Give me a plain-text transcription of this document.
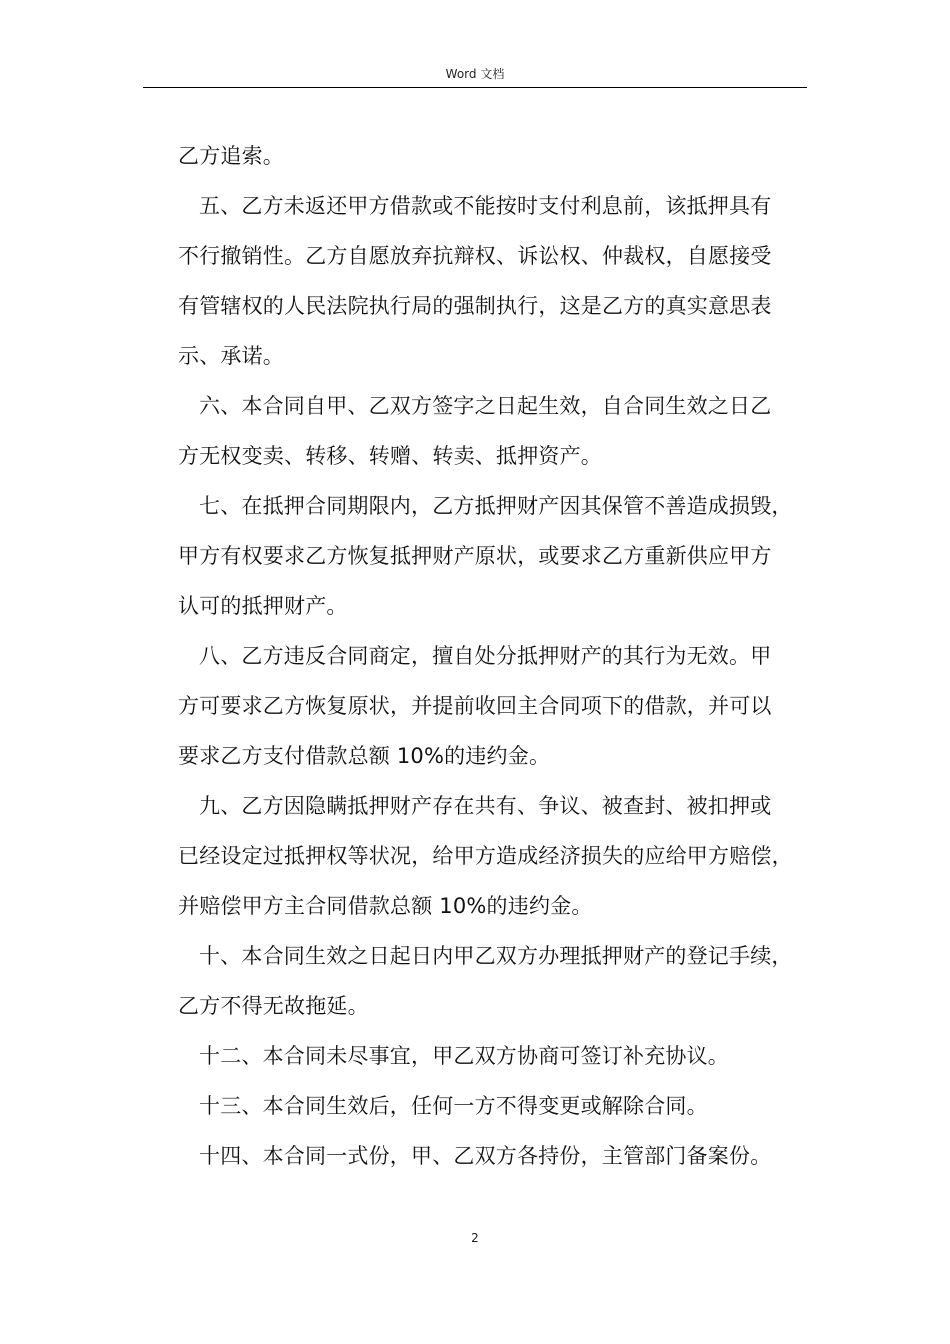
Word 文档
乙方追索。
五、乙方未返还甲方借款或不能按时支付利息前，该抵押具有
不行撤销性。乙方自愿放弃抗辩权、诉讼权、仲裁权，自愿接受
有管辖权的人民法院执行局的强制执行，这是乙方的真实意思表
示、承诺。
六、本合同自甲、乙双方签字之日起生效，自合同生效之日乙
方无权变卖、转移、转赠、转卖、抵押资产。
七、在抵押合同期限内，乙方抵押财产因其保管不善造成损毁，
甲方有权要求乙方恢复抵押财产原状，或要求乙方重新供应甲方
认可的抵押财产。
八、乙方违反合同商定，擅自处分抵押财产的其行为无效。甲
方可要求乙方恢复原状，并提前收回主合同项下的借款，并可以
要求乙方支付借款总额 10%的违约金。
九、乙方因隐瞒抵押财产存在共有、争议、被查封、被扣押或
已经设定过抵押权等状况，给甲方造成经济损失的应给甲方赔偿，
并赔偿甲方主合同借款总额 10%的违约金。
十、本合同生效之日起日内甲乙双方办理抵押财产的登记手续，
乙方不得无故拖延。
十二、本合同未尽事宜，甲乙双方协商可签订补充协议。
十三、本合同生效后，任何一方不得变更或解除合同。
十四、本合同一式份，甲、乙双方各持份，主管部门备案份。
2
